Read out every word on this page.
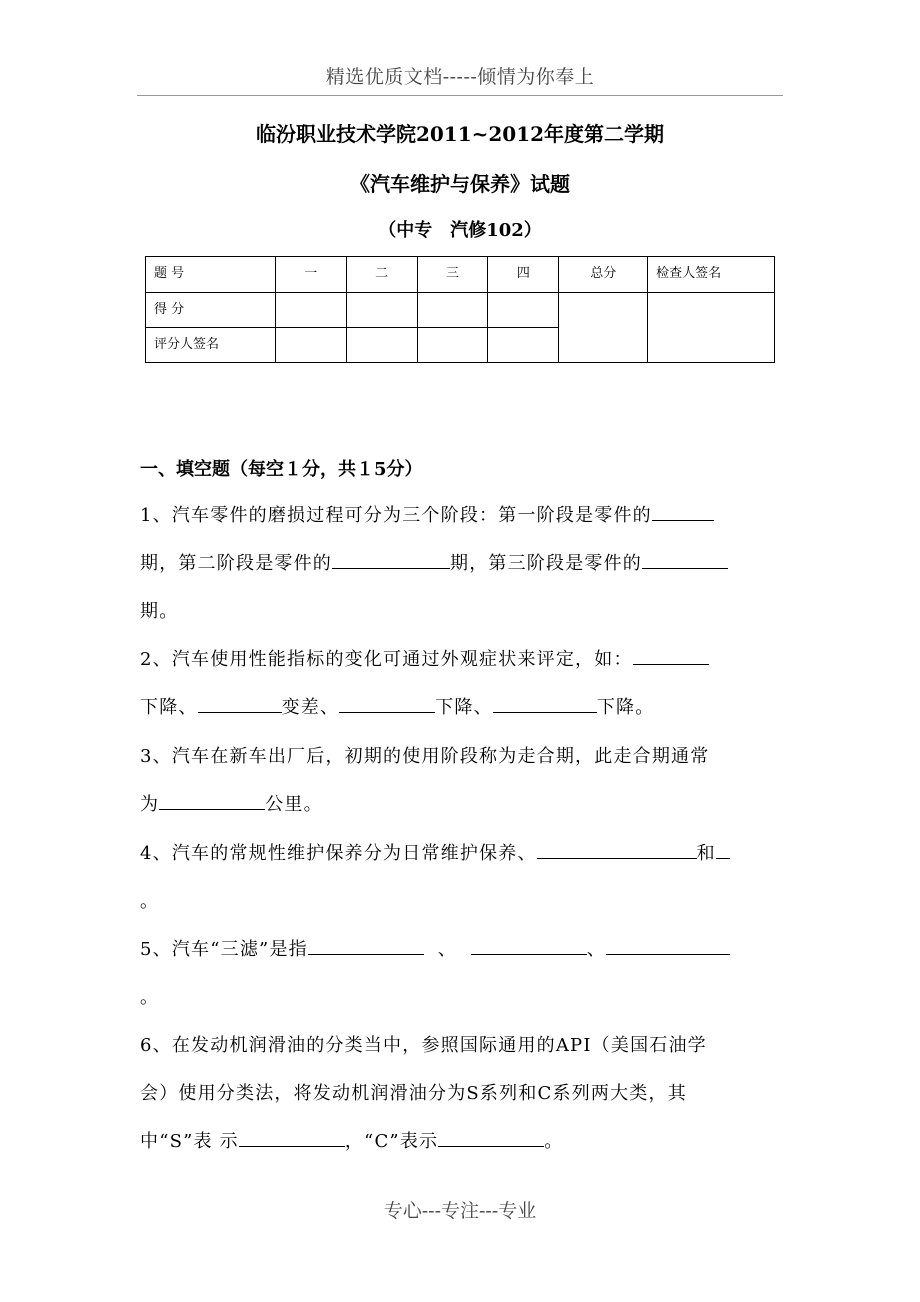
精选优质文档-----倾情为你奉上
临汾职业技术学院2011~2012年度第二学期
《汽车维护与保养》试题
（中专　汽修102）
题 号	一	二	三	四	总分	检查人签名
得 分						
评分人签名						
一、填空题（每空１分，共１5分）
1、汽车零件的磨损过程可分为三个阶段：第一阶段是零件的
期，第二阶段是零件的	期，第三阶段是零件的
期。
2、汽车使用性能指标的变化可通过外观症状来评定，如：
下降、	变差、	下降、	下降。
3、汽车在新车出厂后，初期的使用阶段称为走合期，此走合期通常
为	公里。
4、汽车的常规性维护保养分为日常维护保养、	和
。
5、汽车“三滤”是指	、	、
。
6、在发动机润滑油的分类当中，参照国际通用的API（美国石油学
会）使用分类法，将发动机润滑油分为S系列和C系列两大类，其
中“S”表 示	，“C”表示	。
专心---专注---专业
